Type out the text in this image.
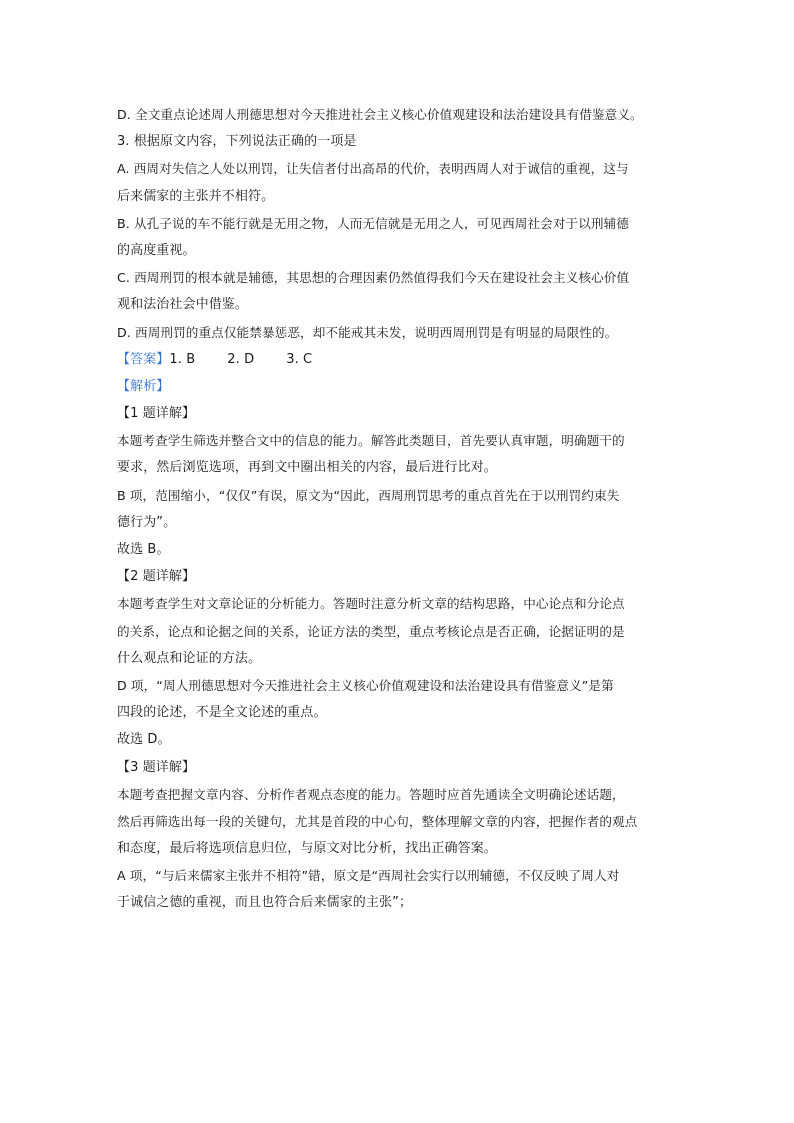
D. 全文重点论述周人刑德思想对今天推进社会主义核心价值观建设和法治建设具有借鉴意义。
3. 根据原文内容，下列说法正确的一项是
A. 西周对失信之人处以刑罚，让失信者付出高昂的代价，表明西周人对于诚信的重视，这与
后来儒家的主张并不相符。
B. 从孔子说的车不能行就是无用之物，人而无信就是无用之人，可见西周社会对于以刑辅德
的高度重视。
C. 西周刑罚的根本就是辅德，其思想的合理因素仍然值得我们今天在建设社会主义核心价值
观和法治社会中借鉴。
D. 西周刑罚的重点仅能禁暴惩恶，却不能戒其未发，说明西周刑罚是有明显的局限性的。
【答案】1. B 2. D 3. C
【解析】
【1 题详解】
本题考查学生筛选并整合文中的信息的能力。解答此类题目，首先要认真审题，明确题干的
要求，然后浏览选项，再到文中圈出相关的内容，最后进行比对。
B 项，范围缩小，“仅仅”有误，原文为“因此，西周刑罚思考的重点首先在于以刑罚约束失
德行为”。
故选 B。
【2 题详解】
本题考查学生对文章论证的分析能力。答题时注意分析文章的结构思路，中心论点和分论点
的关系，论点和论据之间的关系，论证方法的类型，重点考核论点是否正确，论据证明的是
什么观点和论证的方法。
D 项，“周人刑德思想对今天推进社会主义核心价值观建设和法治建设具有借鉴意义”是第
四段的论述，不是全文论述的重点。
故选 D。
【3 题详解】
本题考查把握文章内容、分析作者观点态度的能力。答题时应首先通读全文明确论述话题，
然后再筛选出每一段的关键句，尤其是首段的中心句，整体理解文章的内容，把握作者的观点
和态度，最后将选项信息归位，与原文对比分析，找出正确答案。
A 项，“与后来儒家主张并不相符”错，原文是“西周社会实行以刑辅德，不仅反映了周人对
于诚信之德的重视，而且也符合后来儒家的主张”；
